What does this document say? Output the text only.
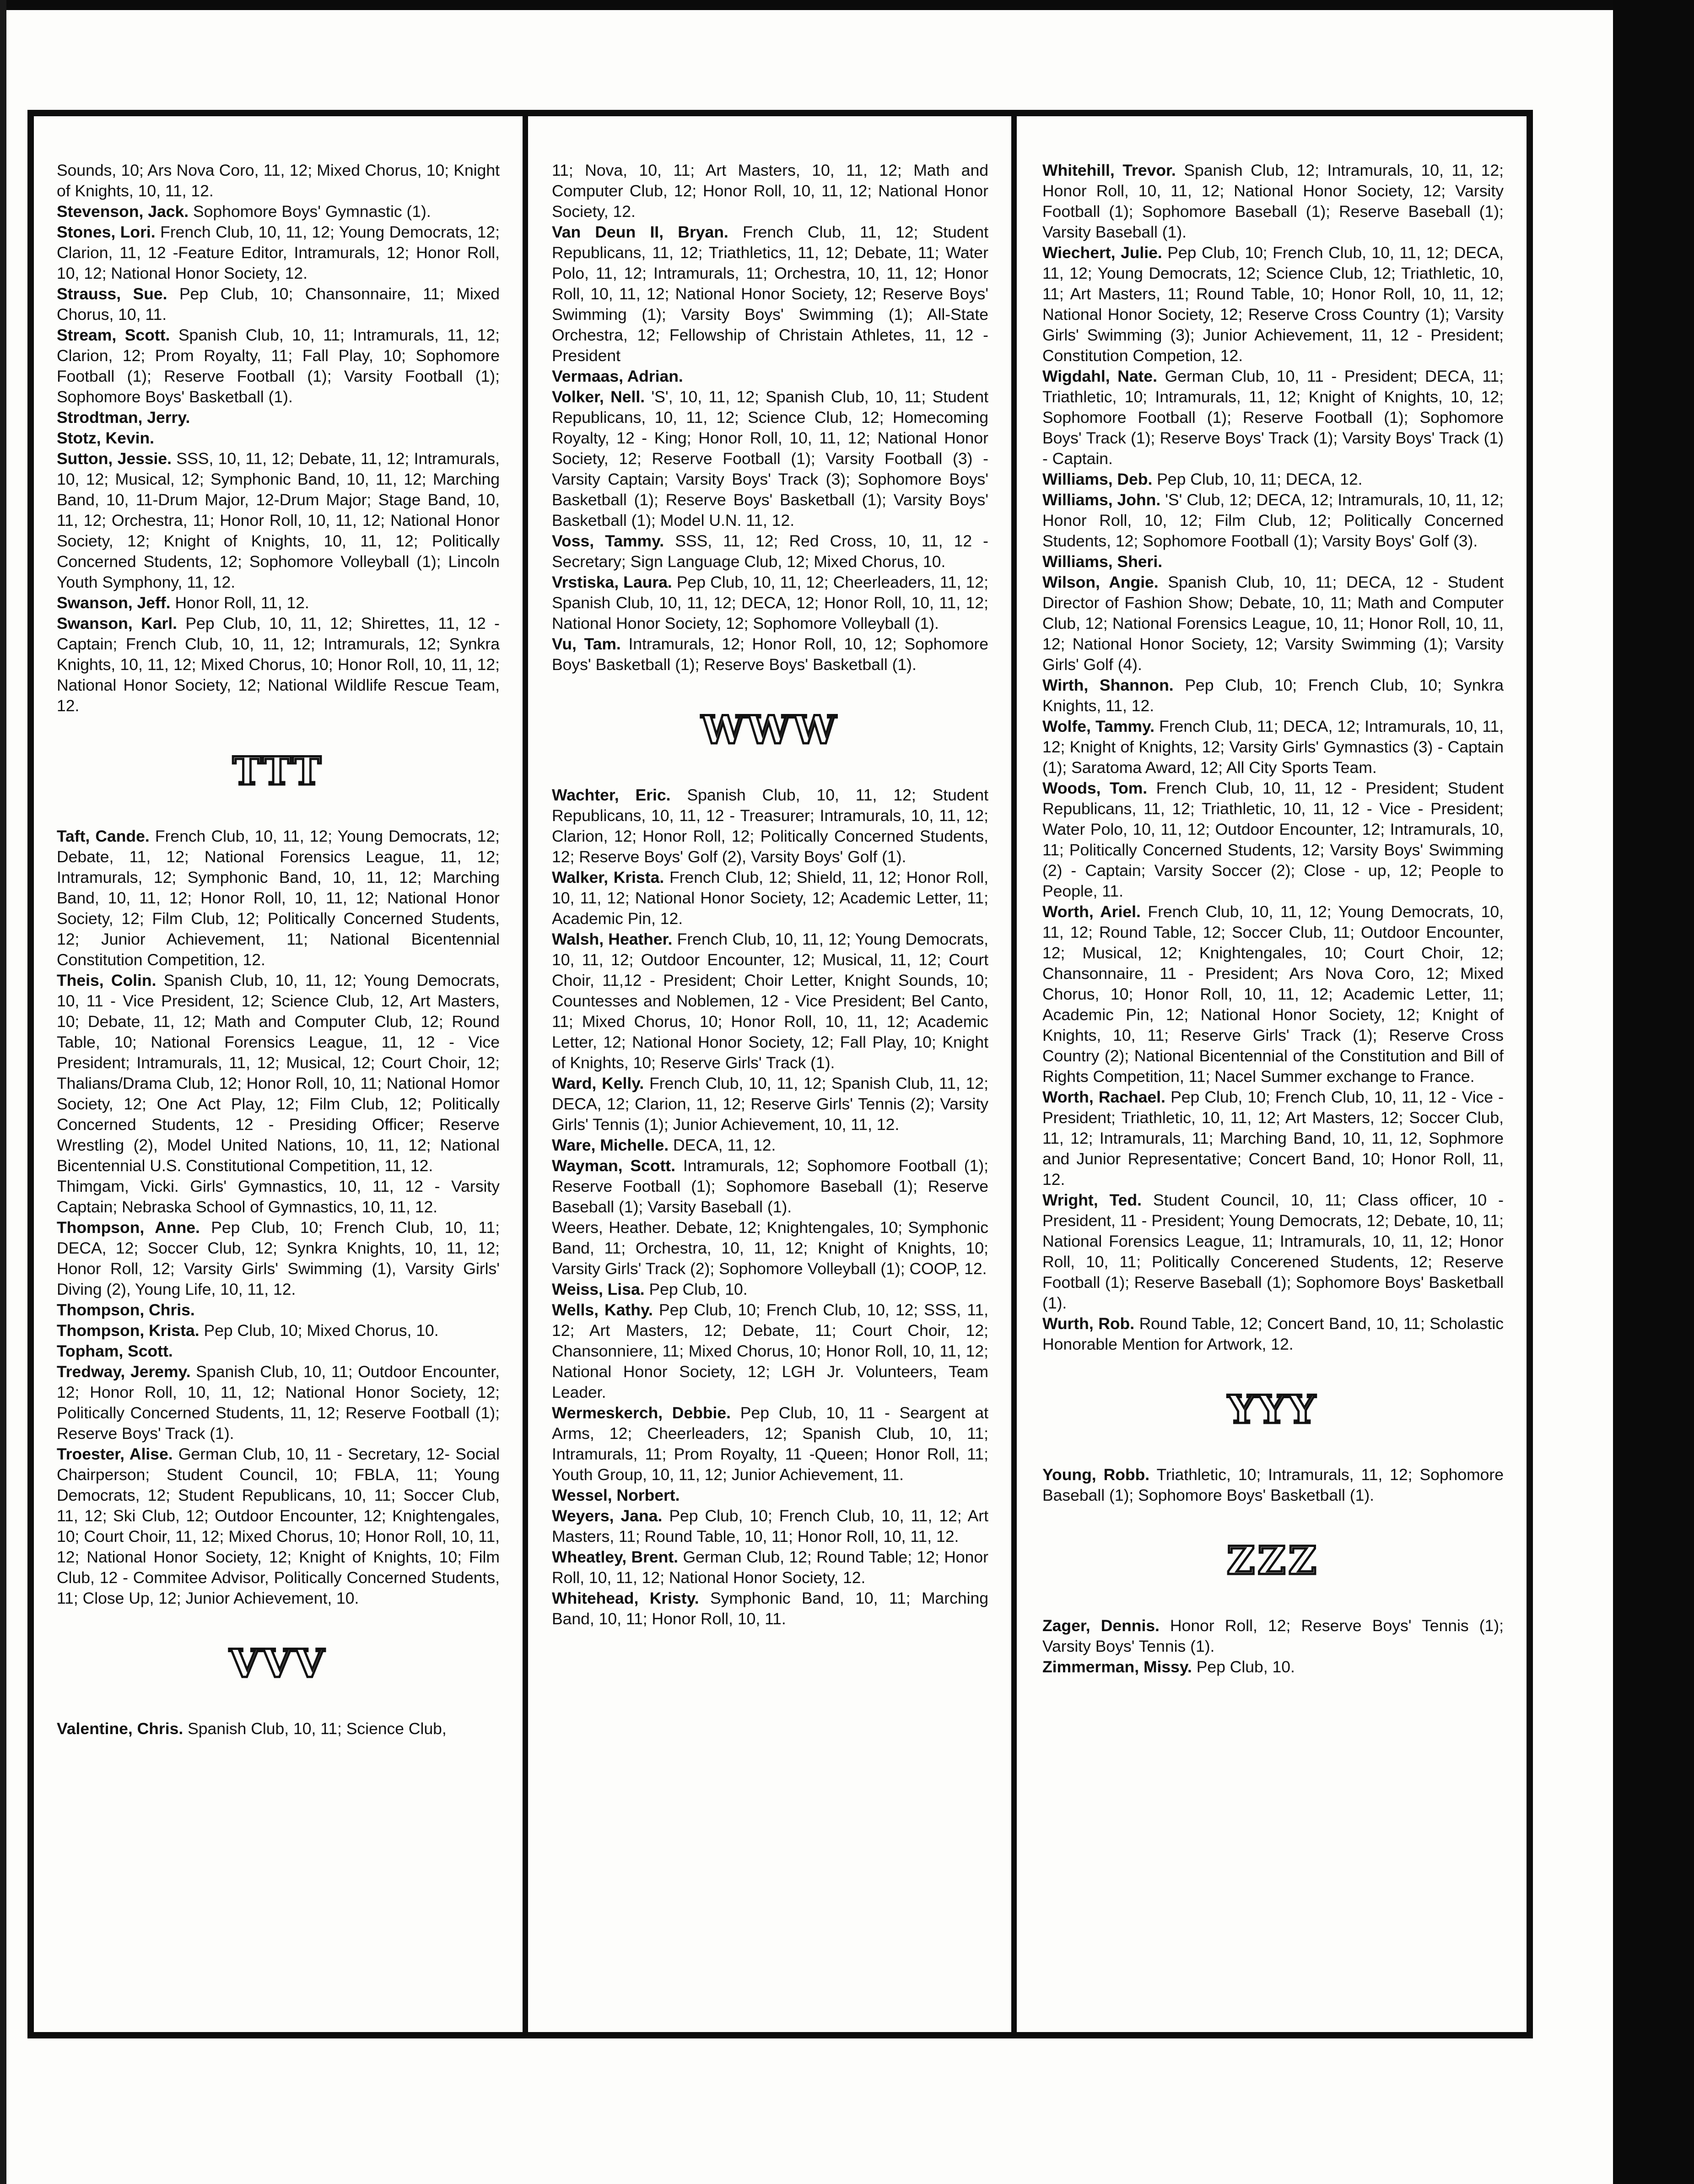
Sounds, 10; Ars Nova Coro, 11, 12; Mixed Chorus, 10; Knight of Knights, 10, 11, 12.

Stevenson, Jack. Sophomore Boys' Gymnastic (1).

Stones, Lori. French Club, 10, 11, 12; Young Democrats, 12; Clarion, 11, 12 -Feature Editor, Intramurals, 12; Honor Roll, 10, 12; National Honor Society, 12.

Strauss, Sue. Pep Club, 10; Chansonnaire, 11; Mixed Chorus, 10, 11.

Stream, Scott. Spanish Club, 10, 11; Intramurals, 11, 12; Clarion, 12; Prom Royalty, 11; Fall Play, 10; Sophomore Football (1); Reserve Football (1); Varsity Football (1); Sophomore Boys' Basketball (1).

Strodtman, Jerry.

Stotz, Kevin.

Sutton, Jessie. SSS, 10, 11, 12; Debate, 11, 12; Intramurals, 10, 12; Musical, 12; Symphonic Band, 10, 11, 12; Marching Band, 10, 11-Drum Major, 12-Drum Major; Stage Band, 10, 11, 12; Orchestra, 11; Honor Roll, 10, 11, 12; National Honor Society, 12; Knight of Knights, 10, 11, 12; Politically Concerned Students, 12; Sophomore Volleyball (1); Lincoln Youth Symphony, 11, 12.

Swanson, Jeff. Honor Roll, 11, 12.

Swanson, Karl. Pep Club, 10, 11, 12; Shirettes, 11, 12 - Captain; French Club, 10, 11, 12; Intramurals, 12; Synkra Knights, 10, 11, 12; Mixed Chorus, 10; Honor Roll, 10, 11, 12; National Honor Society, 12; National Wildlife Rescue Team, 12.

TTT

Taft, Cande. French Club, 10, 11, 12; Young Democrats, 12; Debate, 11, 12; National Forensics League, 11, 12; Intramurals, 12; Symphonic Band, 10, 11, 12; Marching Band, 10, 11, 12; Honor Roll, 10, 11, 12; National Honor Society, 12; Film Club, 12; Politically Concerned Students, 12; Junior Achievement, 11; National Bicentennial Constitution Competition, 12.

Theis, Colin. Spanish Club, 10, 11, 12; Young Democrats, 10, 11 - Vice President, 12; Science Club, 12, Art Masters, 10; Debate, 11, 12; Math and Computer Club, 12; Round Table, 10; National Forensics League, 11, 12 - Vice President; Intramurals, 11, 12; Musical, 12; Court Choir, 12; Thalians/Drama Club, 12; Honor Roll, 10, 11; National Homor Society, 12; One Act Play, 12; Film Club, 12; Politically Concerned Students, 12 - Presiding Officer; Reserve Wrestling (2), Model United Nations, 10, 11, 12; National Bicentennial U.S. Constitutional Competition, 11, 12.

Thimgam, Vicki. Girls' Gymnastics, 10, 11, 12 - Varsity Captain; Nebraska School of Gymnastics, 10, 11, 12.

Thompson, Anne. Pep Club, 10; French Club, 10, 11; DECA, 12; Soccer Club, 12; Synkra Knights, 10, 11, 12; Honor Roll, 12; Varsity Girls' Swimming (1), Varsity Girls' Diving (2), Young Life, 10, 11, 12.

Thompson, Chris.

Thompson, Krista. Pep Club, 10; Mixed Chorus, 10.

Topham, Scott.

Tredway, Jeremy. Spanish Club, 10, 11; Outdoor Encounter, 12; Honor Roll, 10, 11, 12; National Honor Society, 12; Politically Concerned Students, 11, 12; Reserve Football (1); Reserve Boys' Track (1).

Troester, Alise. German Club, 10, 11 - Secretary, 12- Social Chairperson; Student Council, 10; FBLA, 11; Young Democrats, 12; Student Republicans, 10, 11; Soccer Club, 11, 12; Ski Club, 12; Outdoor Encounter, 12; Knightengales, 10; Court Choir, 11, 12; Mixed Chorus, 10; Honor Roll, 10, 11, 12; National Honor Society, 12; Knight of Knights, 10; Film Club, 12 - Commitee Advisor, Politically Concerned Students, 11; Close Up, 12; Junior Achievement, 10.

VVV

Valentine, Chris. Spanish Club, 10, 11; Science Club,

11; Nova, 10, 11; Art Masters, 10, 11, 12; Math and Computer Club, 12; Honor Roll, 10, 11, 12; National Honor Society, 12.

Van Deun II, Bryan. French Club, 11, 12; Student Republicans, 11, 12; Triathletics, 11, 12; Debate, 11; Water Polo, 11, 12; Intramurals, 11; Orchestra, 10, 11, 12; Honor Roll, 10, 11, 12; National Honor Society, 12; Reserve Boys' Swimming (1); Varsity Boys' Swimming (1); All-State Orchestra, 12; Fellowship of Christain Athletes, 11, 12 - President

Vermaas, Adrian.

Volker, Nell. 'S', 10, 11, 12; Spanish Club, 10, 11; Student Republicans, 10, 11, 12; Science Club, 12; Homecoming Royalty, 12 - King; Honor Roll, 10, 11, 12; National Honor Society, 12; Reserve Football (1); Varsity Football (3) - Varsity Captain; Varsity Boys' Track (3); Sophomore Boys' Basketball (1); Reserve Boys' Basketball (1); Varsity Boys' Basketball (1); Model U.N. 11, 12.

Voss, Tammy. SSS, 11, 12; Red Cross, 10, 11, 12 - Secretary; Sign Language Club, 12; Mixed Chorus, 10.

Vrstiska, Laura. Pep Club, 10, 11, 12; Cheerleaders, 11, 12; Spanish Club, 10, 11, 12; DECA, 12; Honor Roll, 10, 11, 12; National Honor Society, 12; Sophomore Volleyball (1).

Vu, Tam. Intramurals, 12; Honor Roll, 10, 12; Sophomore Boys' Basketball (1); Reserve Boys' Basketball (1).

WWW

Wachter, Eric. Spanish Club, 10, 11, 12; Student Republicans, 10, 11, 12 - Treasurer; Intramurals, 10, 11, 12; Clarion, 12; Honor Roll, 12; Politically Concerned Students, 12; Reserve Boys' Golf (2), Varsity Boys' Golf (1).

Walker, Krista. French Club, 12; Shield, 11, 12; Honor Roll, 10, 11, 12; National Honor Society, 12; Academic Letter, 11; Academic Pin, 12.

Walsh, Heather. French Club, 10, 11, 12; Young Democrats, 10, 11, 12; Outdoor Encounter, 12; Musical, 11, 12; Court Choir, 11,12 - President; Choir Letter, Knight Sounds, 10; Countesses and Noblemen, 12 - Vice President; Bel Canto, 11; Mixed Chorus, 10; Honor Roll, 10, 11, 12; Academic Letter, 12; National Honor Society, 12; Fall Play, 10; Knight of Knights, 10; Reserve Girls' Track (1).

Ward, Kelly. French Club, 10, 11, 12; Spanish Club, 11, 12; DECA, 12; Clarion, 11, 12; Reserve Girls' Tennis (2); Varsity Girls' Tennis (1); Junior Achievement, 10, 11, 12.

Ware, Michelle. DECA, 11, 12.

Wayman, Scott. Intramurals, 12; Sophomore Football (1); Reserve Football (1); Sophomore Baseball (1); Reserve Baseball (1); Varsity Baseball (1).

Weers, Heather. Debate, 12; Knightengales, 10; Symphonic Band, 11; Orchestra, 10, 11, 12; Knight of Knights, 10; Varsity Girls' Track (2); Sophomore Volleyball (1); COOP, 12.

Weiss, Lisa. Pep Club, 10.

Wells, Kathy. Pep Club, 10; French Club, 10, 12; SSS, 11, 12; Art Masters, 12; Debate, 11; Court Choir, 12; Chansonniere, 11; Mixed Chorus, 10; Honor Roll, 10, 11, 12; National Honor Society, 12; LGH Jr. Volunteers, Team Leader.

Wermeskerch, Debbie. Pep Club, 10, 11 - Seargent at Arms, 12; Cheerleaders, 12; Spanish Club, 10, 11; Intramurals, 11; Prom Royalty, 11 -Queen; Honor Roll, 11; Youth Group, 10, 11, 12; Junior Achievement, 11.

Wessel, Norbert.

Weyers, Jana. Pep Club, 10; French Club, 10, 11, 12; Art Masters, 11; Round Table, 10, 11; Honor Roll, 10, 11, 12.

Wheatley, Brent. German Club, 12; Round Table; 12; Honor Roll, 10, 11, 12; National Honor Society, 12.

Whitehead, Kristy. Symphonic Band, 10, 11; Marching Band, 10, 11; Honor Roll, 10, 11.

Whitehill, Trevor. Spanish Club, 12; Intramurals, 10, 11, 12; Honor Roll, 10, 11, 12; National Honor Society, 12; Varsity Football (1); Sophomore Baseball (1); Reserve Baseball (1); Varsity Baseball (1).

Wiechert, Julie. Pep Club, 10; French Club, 10, 11, 12; DECA, 11, 12; Young Democrats, 12; Science Club, 12; Triathletic, 10, 11; Art Masters, 11; Round Table, 10; Honor Roll, 10, 11, 12; National Honor Society, 12; Reserve Cross Country (1); Varsity Girls' Swimming (3); Junior Achievement, 11, 12 - President; Constitution Competion, 12.

Wigdahl, Nate. German Club, 10, 11 - President; DECA, 11; Triathletic, 10; Intramurals, 11, 12; Knight of Knights, 10, 12; Sophomore Football (1); Reserve Football (1); Sophomore Boys' Track (1); Reserve Boys' Track (1); Varsity Boys' Track (1) - Captain.

Williams, Deb. Pep Club, 10, 11; DECA, 12.

Williams, John. 'S' Club, 12; DECA, 12; Intramurals, 10, 11, 12; Honor Roll, 10, 12; Film Club, 12; Politically Concerned Students, 12; Sophomore Football (1); Varsity Boys' Golf (3).

Williams, Sheri.

Wilson, Angie. Spanish Club, 10, 11; DECA, 12 - Student Director of Fashion Show; Debate, 10, 11; Math and Computer Club, 12; National Forensics League, 10, 11; Honor Roll, 10, 11, 12; National Honor Society, 12; Varsity Swimming (1); Varsity Girls' Golf (4).

Wirth, Shannon. Pep Club, 10; French Club, 10; Synkra Knights, 11, 12.

Wolfe, Tammy. French Club, 11; DECA, 12; Intramurals, 10, 11, 12; Knight of Knights, 12; Varsity Girls' Gymnastics (3) - Captain (1); Saratoma Award, 12; All City Sports Team.

Woods, Tom. French Club, 10, 11, 12 - President; Student Republicans, 11, 12; Triathletic, 10, 11, 12 - Vice - President; Water Polo, 10, 11, 12; Outdoor Encounter, 12; Intramurals, 10, 11; Politically Concerned Students, 12; Varsity Boys' Swimming (2) - Captain; Varsity Soccer (2); Close - up, 12; People to People, 11.

Worth, Ariel. French Club, 10, 11, 12; Young Democrats, 10, 11, 12; Round Table, 12; Soccer Club, 11; Outdoor Encounter, 12; Musical, 12; Knightengales, 10; Court Choir, 12; Chansonnaire, 11 - President; Ars Nova Coro, 12; Mixed Chorus, 10; Honor Roll, 10, 11, 12; Academic Letter, 11; Academic Pin, 12; National Honor Society, 12; Knight of Knights, 10, 11; Reserve Girls' Track (1); Reserve Cross Country (2); National Bicentennial of the Constitution and Bill of Rights Competition, 11; Nacel Summer exchange to France.

Worth, Rachael. Pep Club, 10; French Club, 10, 11, 12 - Vice - President; Triathletic, 10, 11, 12; Art Masters, 12; Soccer Club, 11, 12; Intramurals, 11; Marching Band, 10, 11, 12, Sophmore and Junior Representative; Concert Band, 10; Honor Roll, 11, 12.

Wright, Ted. Student Council, 10, 11; Class officer, 10 - President, 11 - President; Young Democrats, 12; Debate, 10, 11; National Forensics League, 11; Intramurals, 10, 11, 12; Honor Roll, 10, 11; Politically Concerened Students, 12; Reserve Football (1); Reserve Baseball (1); Sophomore Boys' Basketball (1).

Wurth, Rob. Round Table, 12; Concert Band, 10, 11; Scholastic Honorable Mention for Artwork, 12.

YYY

Young, Robb. Triathletic, 10; Intramurals, 11, 12; Sophomore Baseball (1); Sophomore Boys' Basketball (1).

ZZZ

Zager, Dennis. Honor Roll, 12; Reserve Boys' Tennis (1); Varsity Boys' Tennis (1).

Zimmerman, Missy. Pep Club, 10.
